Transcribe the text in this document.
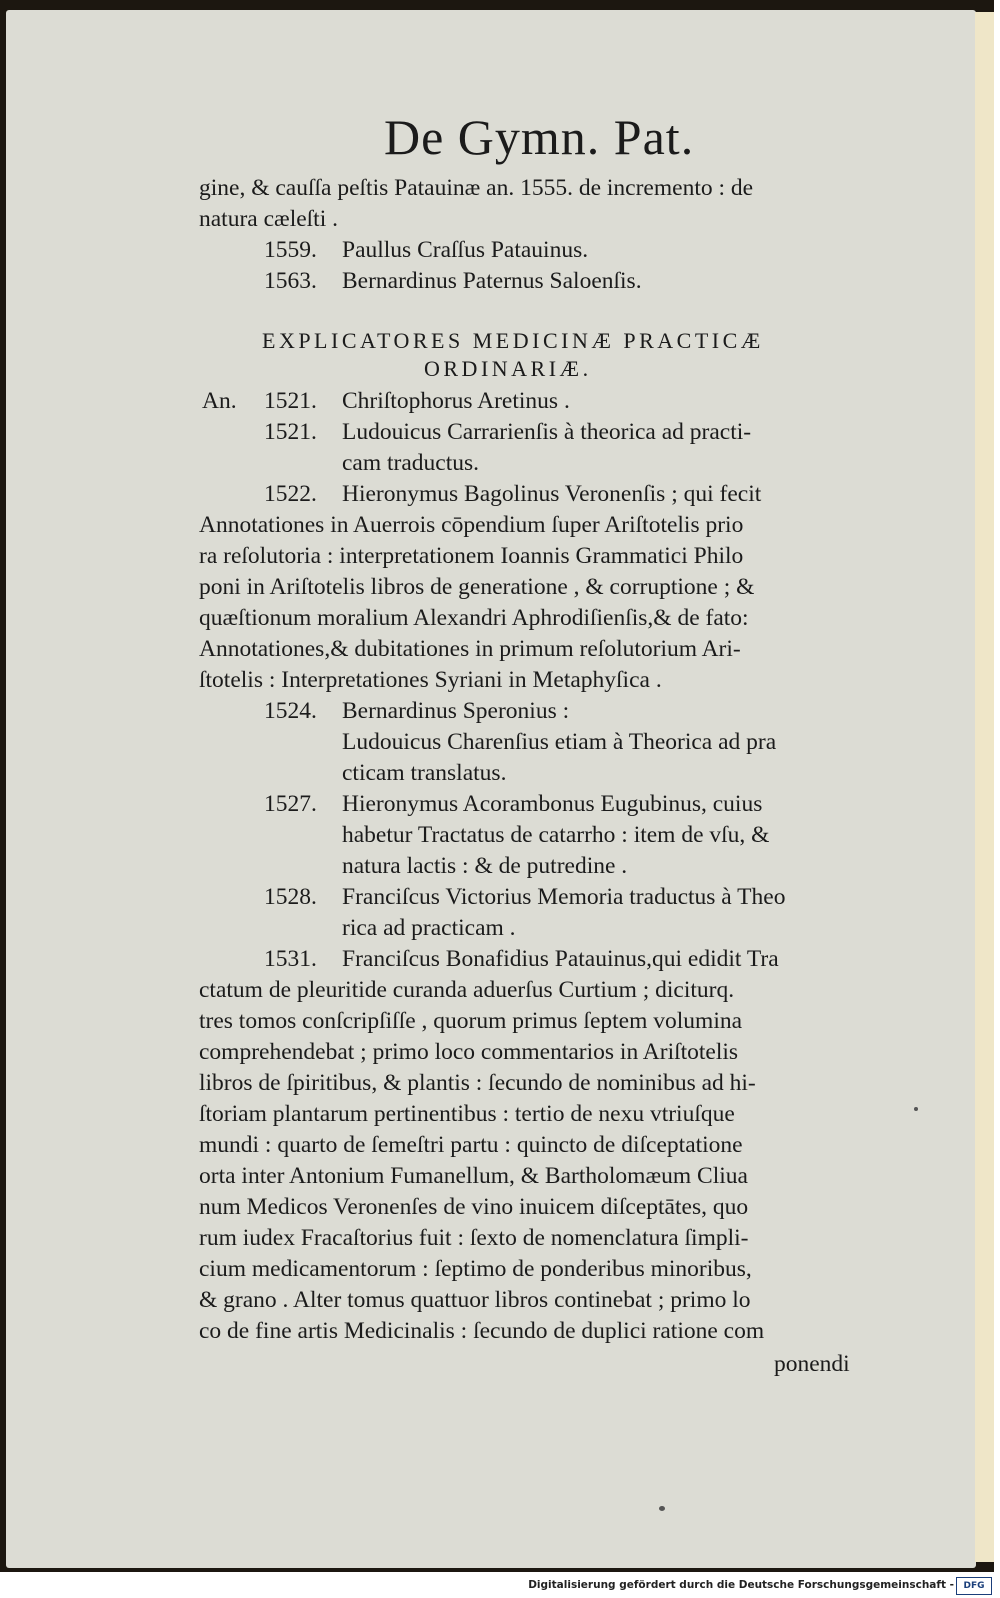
De Gymn. Pat.
gine, & cauſſa peſtis Patauinæ an. 1555. de incremento : de
natura cæleſti .
1559.	Paullus Craſſus Patauinus.
1563.	Bernardinus Paternus Saloenſis.
EXPLICATORES MEDICINÆ PRACTICÆ
ORDINARIÆ.
An. 1521.	Chriſtophorus Aretinus .
1521.	Ludouicus Carrarienſis à theorica ad practi-
cam traductus.
1522.	Hieronymus Bagolinus Veronenſis ; qui fecit
Annotationes in Auerrois cōpendium ſuper Ariſtotelis prio
ra reſolutoria : interpretationem Ioannis Grammatici Philo
poni in Ariſtotelis libros de generatione , & corruptione ; &
quæſtionum moralium Alexandri Aphrodiſienſis,& de fato:
Annotationes,& dubitationes in primum reſolutorium Ari-
ſtotelis : Interpretationes Syriani in Metaphyſica .
1524.	Bernardinus Speronius :
Ludouicus Charenſius etiam à Theorica ad pra
cticam translatus.
1527.	Hieronymus Acorambonus Eugubinus, cuius
habetur Tractatus de catarrho : item de vſu, &
natura lactis : & de putredine .
1528.	Franciſcus Victorius Memoria traductus à Theo
rica ad practicam .
1531.	Franciſcus Bonafidius Patauinus,qui edidit Tra
ctatum de pleuritide curanda aduerſus Curtium ; diciturq.
tres tomos conſcripſiſſe , quorum primus ſeptem volumina
comprehendebat ; primo loco commentarios in Ariſtotelis
libros de ſpiritibus, & plantis : ſecundo de nominibus ad hi-
ſtoriam plantarum pertinentibus : tertio de nexu vtriuſque
mundi : quarto de ſemeſtri partu : quincto de diſceptatione
orta inter Antonium Fumanellum, & Bartholomæum Cliua
num Medicos Veronenſes de vino inuicem diſceptātes, quo
rum iudex Fracaſtorius fuit : ſexto de nomenclatura ſimpli-
cium medicamentorum : ſeptimo de ponderibus minoribus,
& grano . Alter tomus quattuor libros continebat ; primo lo
co de fine artis Medicinalis : ſecundo de duplici ratione com
ponendi
Digitalisierung gefördert durch die Deutsche Forschungsgemeinschaft -	DFG
